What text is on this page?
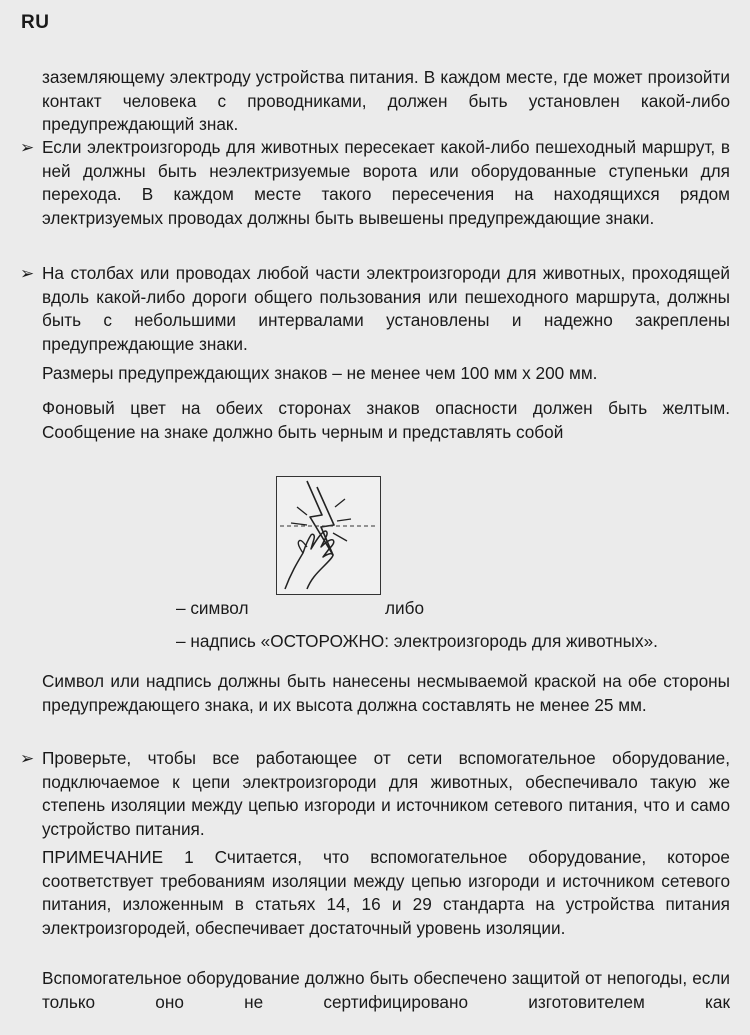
RU

заземляющему электроду устройства питания. В каждом месте, где может произойти контакт человека с проводниками, должен быть установлен какой-либо предупреждающий знак.

➢ Если электроизгородь для животных пересекает какой-либо пешеходный маршрут, в ней должны быть неэлектризуемые ворота или оборудованные ступеньки для перехода. В каждом месте такого пересечения на находящихся рядом электризуемых проводах должны быть вывешены предупреждающие знаки.
➢ На столбах или проводах любой части электроизгороди для животных, проходящей вдоль какой-либо дороги общего пользования или пешеходного маршрута, должны быть с небольшими интервалами установлены и надежно закреплены предупреждающие знаки.

Размеры предупреждающих знаков – не менее чем 100 мм x 200 мм.

Фоновый цвет на обеих сторонах знаков опасности должен быть желтым. Сообщение на знаке должно быть черным и представлять собой

– символ	либо
– надпись «ОСТОРОЖНО: электроизгородь для животных».

Символ или надпись должны быть нанесены несмываемой краской на обе стороны предупреждающего знака, и их высота должна составлять не менее 25 мм.

➢ Проверьте, чтобы все работающее от сети вспомогательное оборудование, подключаемое к цепи электроизгороди для животных, обеспечивало такую же степень изоляции между цепью изгороди и источником сетевого питания, что и само устройство питания.

ПРИМЕЧАНИЕ 1 Считается, что вспомогательное оборудование, которое соответствует требованиям изоляции между цепью изгороди и источником сетевого питания, изложенным в статьях 14, 16 и 29 стандарта на устройства питания электроизгородей, обеспечивает достаточный уровень изоляции.

Вспомогательное оборудование должно быть обеспечено защитой от непогоды, если только оно не сертифицировано изготовителем как
